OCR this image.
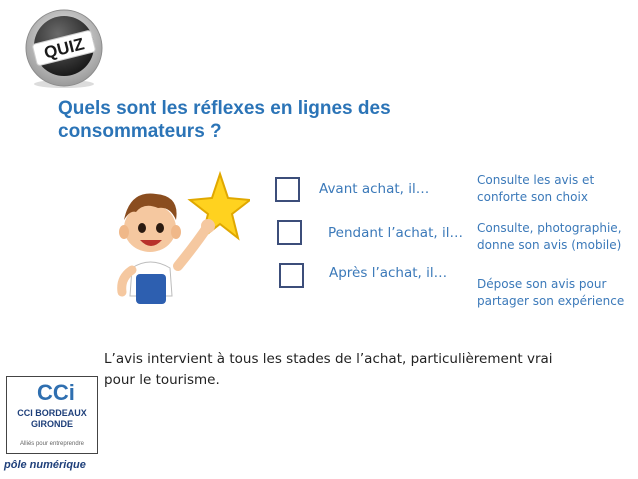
QUIZ
Quels sont les réflexes en lignes des consommateurs ?
Avant achat, il…
Pendant l’achat, il…
Après l’achat, il…
Consulte les avis et conforte son choix
Consulte, photographie, donne son avis (mobile)
Dépose son avis pour partager son expérience

L’avis intervient à tous les stades de l’achat, particulièrement vrai pour le tourisme.

CCi
CCI BORDEAUX
GIRONDE
Alliés pour entreprendre
pôle numérique
